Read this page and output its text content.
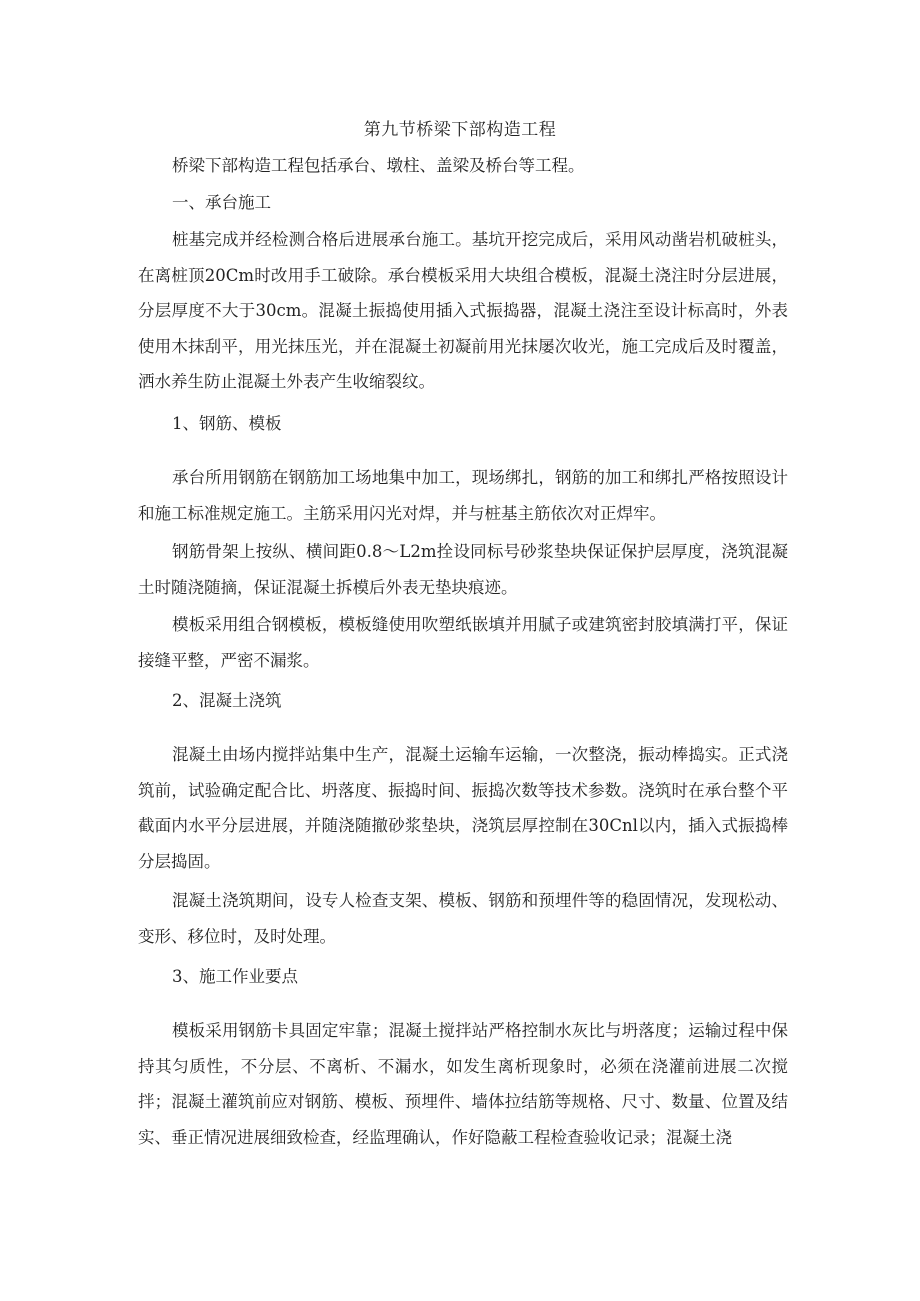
第九节桥梁下部构造工程

桥梁下部构造工程包括承台、墩柱、盖梁及桥台等工程。

一、承台施工

桩基完成并经检测合格后进展承台施工。基坑开挖完成后，采用风动凿岩机破桩头，在离桩顶20Cm时改用手工破除。承台模板采用大块组合模板，混凝土浇注时分层进展，分层厚度不大于30cm。混凝土振捣使用插入式振捣器，混凝土浇注至设计标高时，外表使用木抹刮平，用光抹压光，并在混凝土初凝前用光抹屡次收光，施工完成后及时覆盖，洒水养生防止混凝土外表产生收缩裂纹。

1、钢筋、模板

承台所用钢筋在钢筋加工场地集中加工，现场绑扎，钢筋的加工和绑扎严格按照设计和施工标准规定施工。主筋采用闪光对焊，并与桩基主筋依次对正焊牢。

钢筋骨架上按纵、横间距0.8～L2m拴设同标号砂浆垫块保证保护层厚度，浇筑混凝土时随浇随摘，保证混凝土拆模后外表无垫块痕迹。

模板采用组合钢模板，模板缝使用吹塑纸嵌填并用腻子或建筑密封胶填满打平，保证接缝平整，严密不漏浆。

2、混凝土浇筑

混凝土由场内搅拌站集中生产，混凝土运输车运输，一次整浇，振动棒捣实。正式浇筑前，试验确定配合比、坍落度、振捣时间、振捣次数等技术参数。浇筑时在承台整个平截面内水平分层进展，并随浇随撤砂浆垫块，浇筑层厚控制在30Cnl以内，插入式振捣棒分层捣固。

混凝土浇筑期间，设专人检查支架、模板、钢筋和预埋件等的稳固情况，发现松动、变形、移位时，及时处理。

3、施工作业要点

模板采用钢筋卡具固定牢靠；混凝土搅拌站严格控制水灰比与坍落度；运输过程中保持其匀质性，不分层、不离析、不漏水，如发生离析现象时，必须在浇灌前进展二次搅拌；混凝土灌筑前应对钢筋、模板、预埋件、墙体拉结筋等规格、尺寸、数量、位置及结实、垂正情况进展细致检查，经监理确认，作好隐蔽工程检查验收记录；混凝土浇
